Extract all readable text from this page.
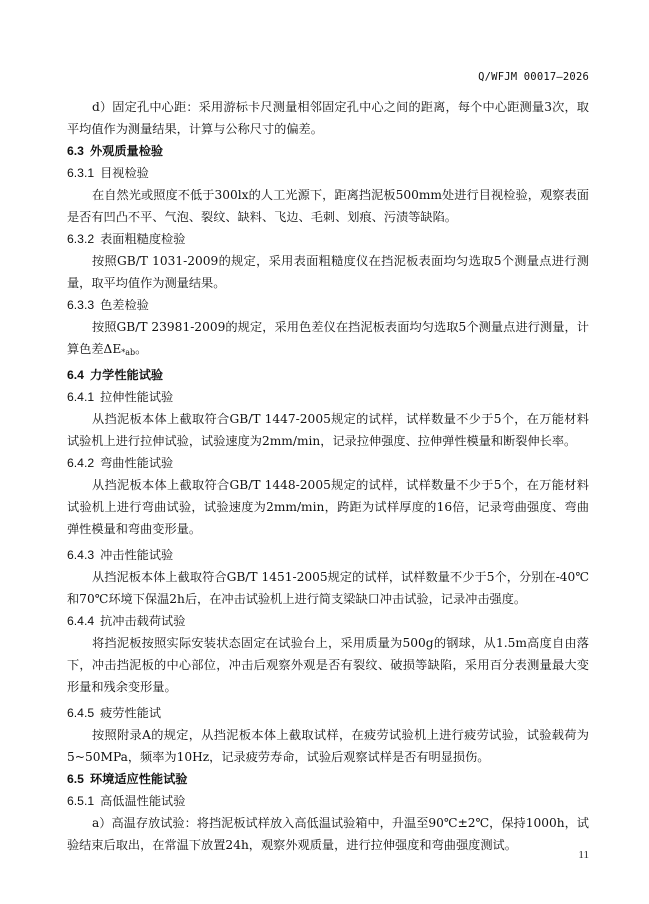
Q/WFJM 00017—2026

d）固定孔中心距：采用游标卡尺测量相邻固定孔中心之间的距离，每个中心距测量3次，取平均值作为测量结果，计算与公称尺寸的偏差。

6.3 外观质量检验
6.3.1 目视检验

在自然光或照度不低于300lx的人工光源下，距离挡泥板500mm处进行目视检验，观察表面是否有凹凸不平、气泡、裂纹、缺料、飞边、毛刺、划痕、污渍等缺陷。

6.3.2 表面粗糙度检验

按照GB/T 1031-2009的规定，采用表面粗糙度仪在挡泥板表面均匀选取5个测量点进行测量，取平均值作为测量结果。

6.3.3 色差检验

按照GB/T 23981-2009的规定，采用色差仪在挡泥板表面均匀选取5个测量点进行测量，计算色差$\Delta E_{*ab}$。

6.4 力学性能试验
6.4.1 拉伸性能试验

从挡泥板本体上截取符合GB/T 1447-2005规定的试样，试样数量不少于5个，在万能材料试验机上进行拉伸试验，试验速度为2mm/min，记录拉伸强度、拉伸弹性模量和断裂伸长率。

6.4.2 弯曲性能试验

从挡泥板本体上截取符合GB/T 1448-2005规定的试样，试样数量不少于5个，在万能材料试验机上进行弯曲试验，试验速度为2mm/min，跨距为试样厚度的16倍，记录弯曲强度、弯曲弹性模量和弯曲变形量。

6.4.3 冲击性能试验

从挡泥板本体上截取符合GB/T 1451-2005规定的试样，试样数量不少于5个，分别在-40℃和70℃环境下保温2h后，在冲击试验机上进行简支梁缺口冲击试验，记录冲击强度。

6.4.4 抗冲击载荷试验

将挡泥板按照实际安装状态固定在试验台上，采用质量为500g的钢球，从1.5m高度自由落下，冲击挡泥板的中心部位，冲击后观察外观是否有裂纹、破损等缺陷，采用百分表测量最大变形量和残余变形量。

6.4.5 疲劳性能试

按照附录A的规定，从挡泥板本体上截取试样，在疲劳试验机上进行疲劳试验，试验载荷为5~50MPa，频率为10Hz，记录疲劳寿命，试验后观察试样是否有明显损伤。

6.5 环境适应性能试验
6.5.1 高低温性能试验

a）高温存放试验：将挡泥板试样放入高低温试验箱中，升温至90℃±2℃，保持1000h，试验结束后取出，在常温下放置24h，观察外观质量，进行拉伸强度和弯曲强度测试。

11
